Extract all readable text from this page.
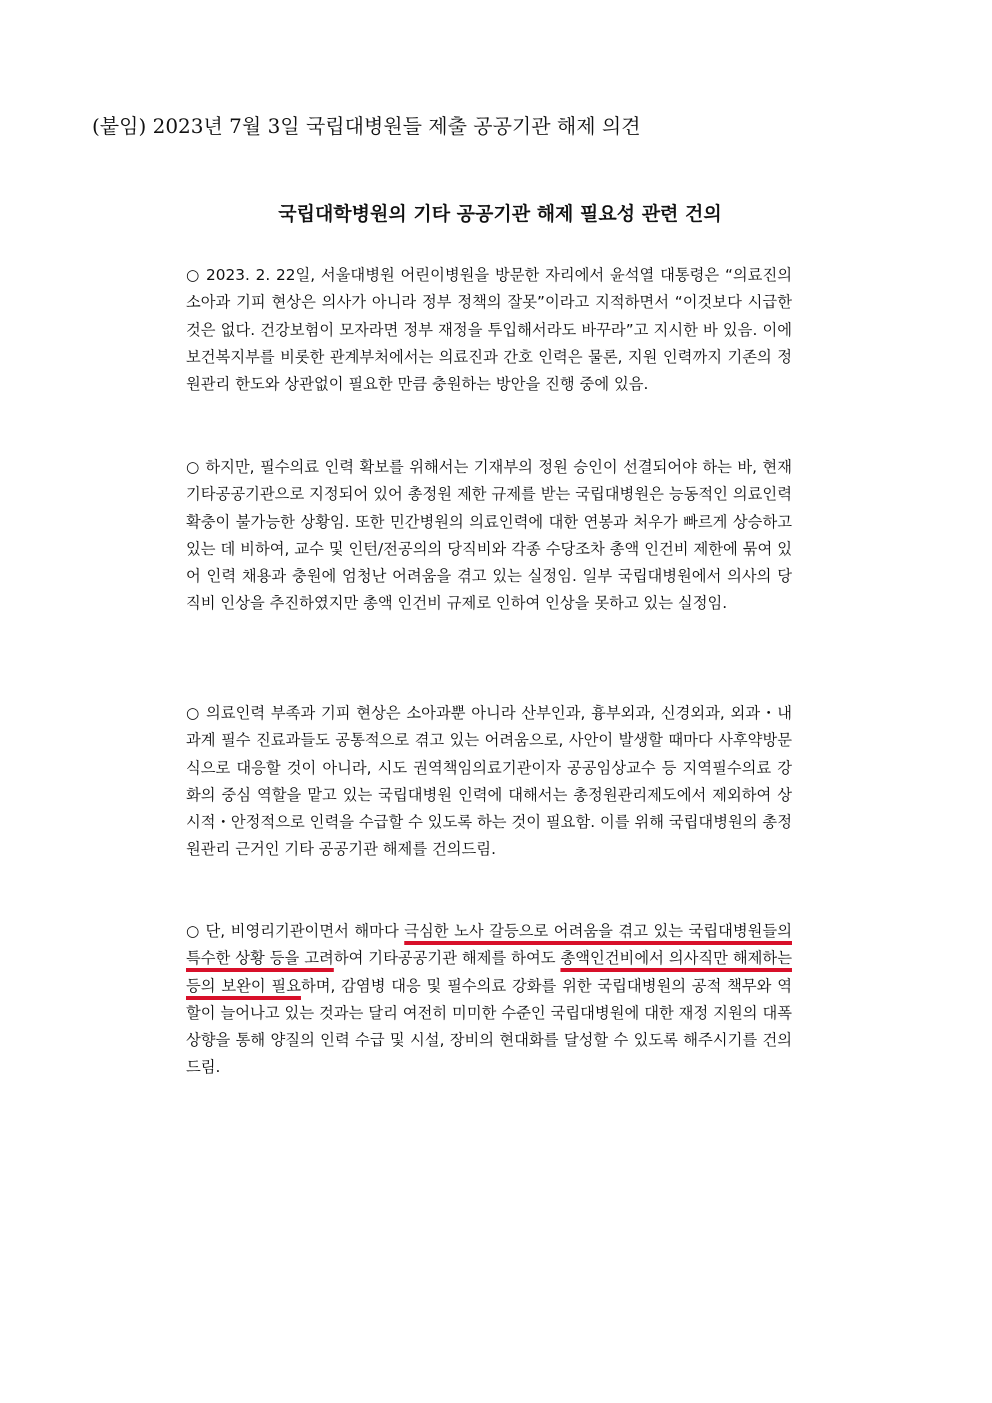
(붙임) 2023년 7월 3일 국립대병원들 제출 공공기관 해제 의견
국립대학병원의 기타 공공기관 해제 필요성 관련 건의
○ 2023. 2. 22일, 서울대병원 어린이병원을 방문한 자리에서 윤석열 대통령은 “의료진의 소아과 기피 현상은 의사가 아니라 정부 정책의 잘못”이라고 지적하면서 “이것보다 시급한 것은 없다. 건강보험이 모자라면 정부 재정을 투입해서라도 바꾸라”고 지시한 바 있음. 이에 보건복지부를 비롯한 관계부처에서는 의료진과 간호 인력은 물론, 지원 인력까지 기존의 정원관리 한도와 상관없이 필요한 만큼 충원하는 방안을 진행 중에 있음.
○ 하지만, 필수의료 인력 확보를 위해서는 기재부의 정원 승인이 선결되어야 하는 바, 현재 기타공공기관으로 지정되어 있어 총정원 제한 규제를 받는 국립대병원은 능동적인 의료인력 확충이 불가능한 상황임. 또한 민간병원의 의료인력에 대한 연봉과 처우가 빠르게 상승하고 있는 데 비하여, 교수 및 인턴/전공의의 당직비와 각종 수당조차 총액 인건비 제한에 묶여 있어 인력 채용과 충원에 엄청난 어려움을 겪고 있는 실정임. 일부 국립대병원에서 의사의 당직비 인상을 추진하였지만 총액 인건비 규제로 인하여 인상을 못하고 있는 실정임.
○ 의료인력 부족과 기피 현상은 소아과뿐 아니라 산부인과, 흉부외과, 신경외과, 외과・내과계 필수 진료과들도 공통적으로 겪고 있는 어려움으로, 사안이 발생할 때마다 사후약방문식으로 대응할 것이 아니라, 시도 권역책임의료기관이자 공공임상교수 등 지역필수의료 강화의 중심 역할을 맡고 있는 국립대병원 인력에 대해서는 총정원관리제도에서 제외하여 상시적・안정적으로 인력을 수급할 수 있도록 하는 것이 필요함. 이를 위해 국립대병원의 총정원관리 근거인 기타 공공기관 해제를 건의드림.
○ 단, 비영리기관이면서 해마다 극심한 노사 갈등으로 어려움을 겪고 있는 국립대병원들의 특수한 상황 등을 고려하여 기타공공기관 해제를 하여도 총액인건비에서 의사직만 해제하는 등의 보완이 필요하며, 감염병 대응 및 필수의료 강화를 위한 국립대병원의 공적 책무와 역할이 늘어나고 있는 것과는 달리 여전히 미미한 수준인 국립대병원에 대한 재정 지원의 대폭 상향을 통해 양질의 인력 수급 및 시설, 장비의 현대화를 달성할 수 있도록 해주시기를 건의드림.
